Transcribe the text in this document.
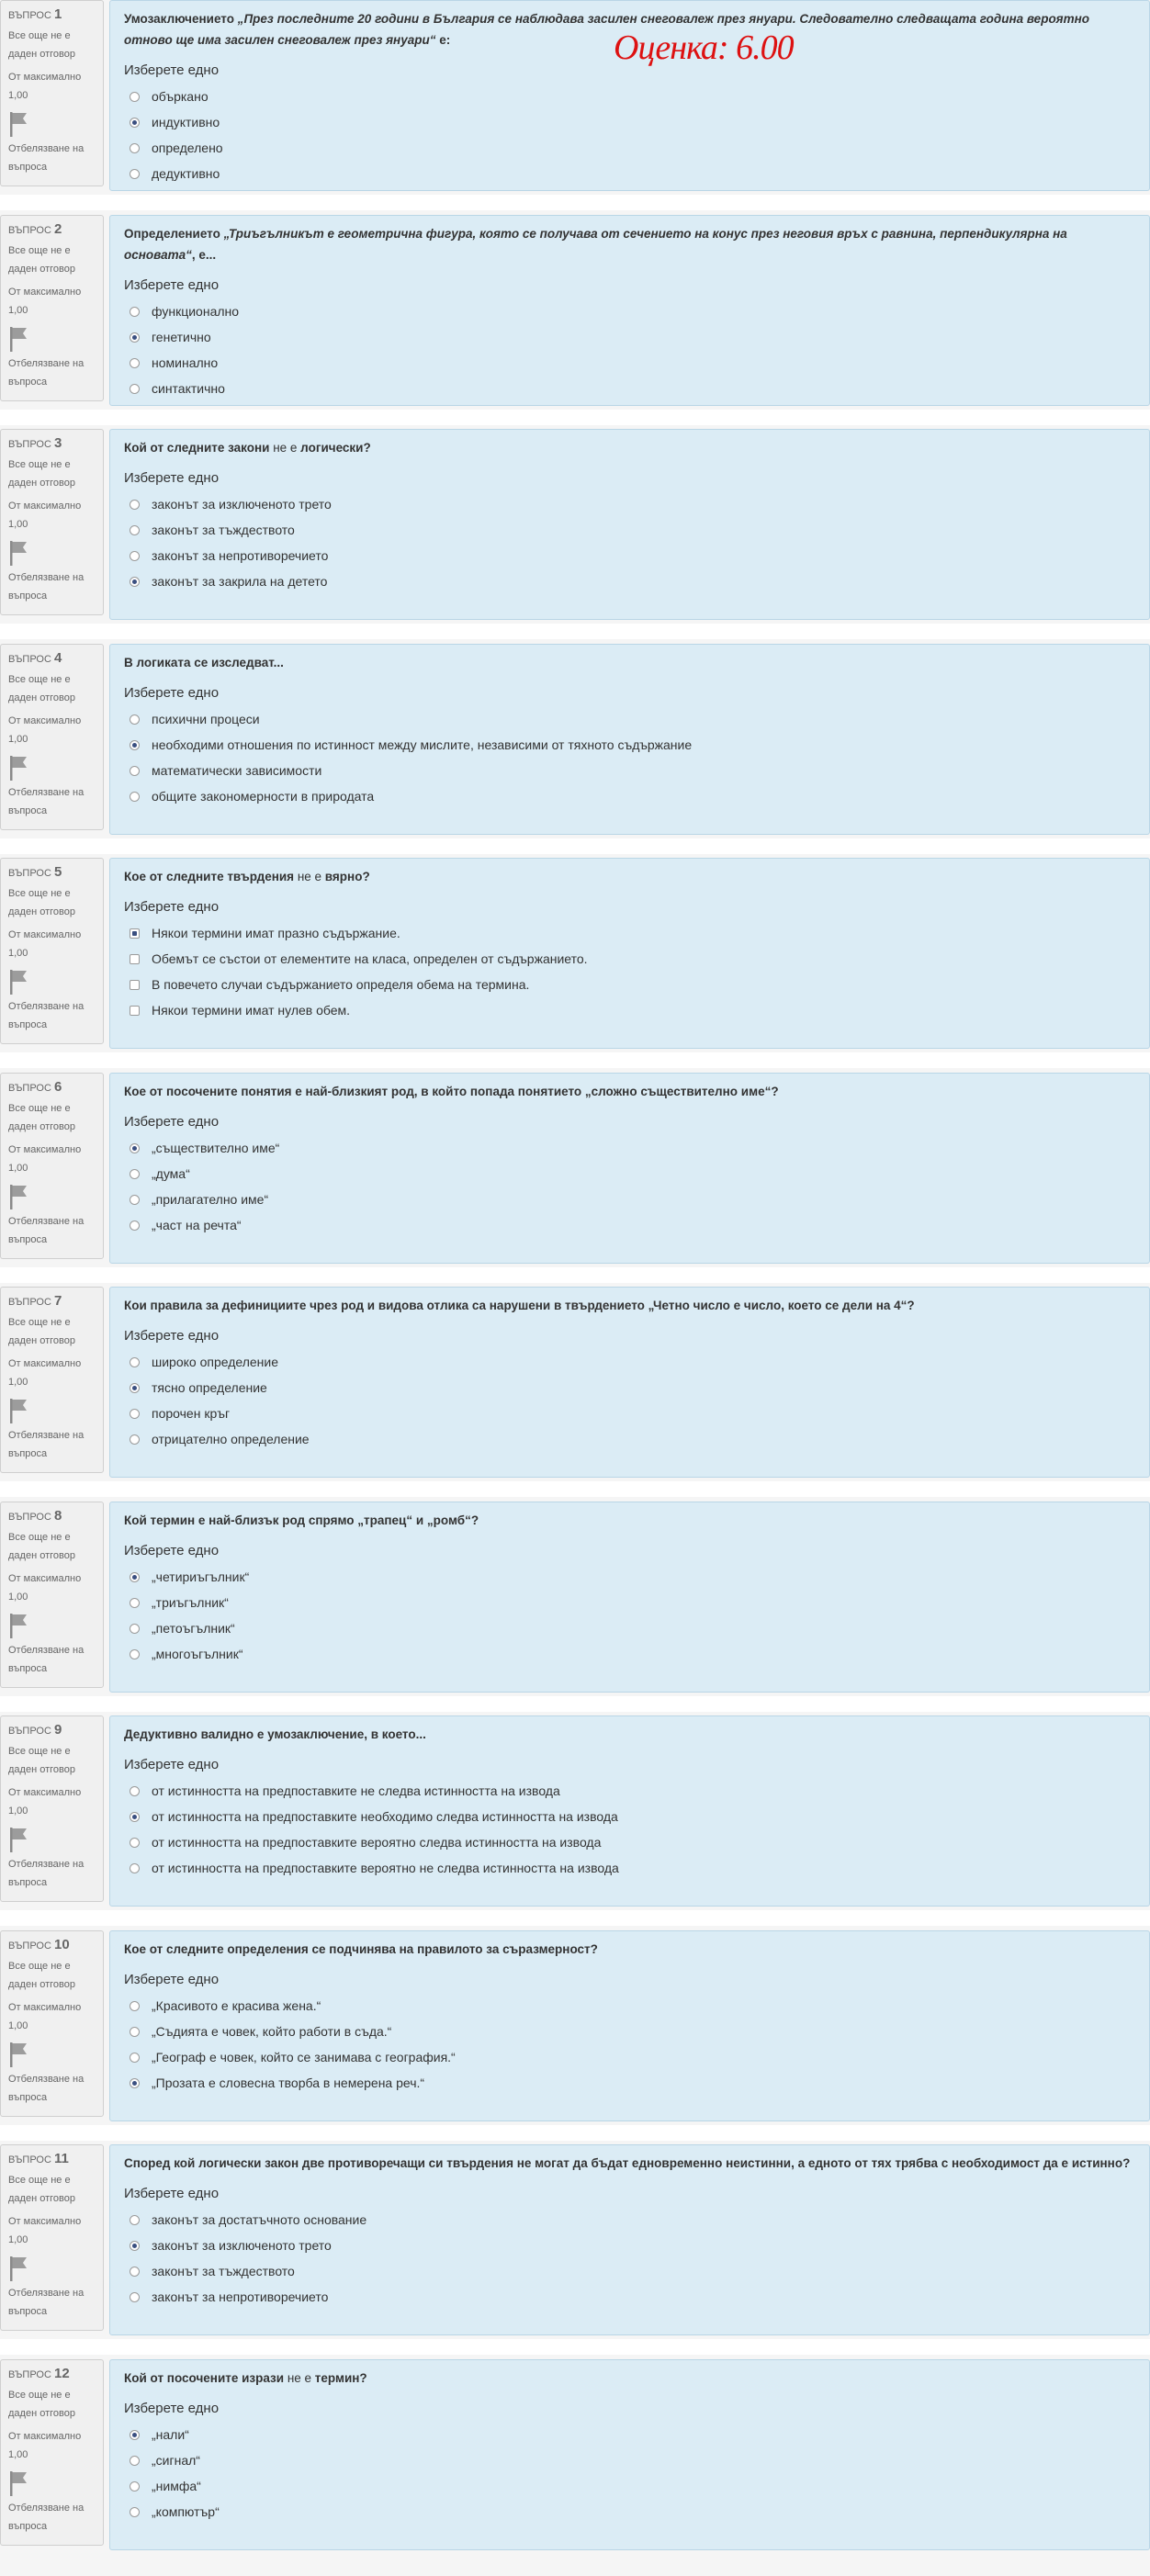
ВЪПРОС 1
Все още не е даден отговор
От максимално 1,00
Отбелязване на въпроса
Умозаключението „През последните 20 години в България се наблюдава засилен снеговалеж през януари. Следователно следващата година вероятно отново ще има засилен снеговалеж през януари“ е:
Изберете едно
объркано
индуктивно
определено
дедуктивно
ВЪПРОС 2
Все още не е даден отговор
От максимално 1,00
Отбелязване на въпроса
Определението „Триъгълникът е геометрична фигура, която се получава от сечението на конус през неговия връх с равнина, перпендикулярна на основата“, е...
Изберете едно
функционално
генетично
номинално
синтактично
ВЪПРОС 3
Все още не е даден отговор
От максимално 1,00
Отбелязване на въпроса
Кой от следните закони не е логически?
Изберете едно
законът за изключеното трето
законът за тъждеството
законът за непротиворечието
законът за закрила на детето
ВЪПРОС 4
Все още не е даден отговор
От максимално 1,00
Отбелязване на въпроса
В логиката се изследват...
Изберете едно
психични процеси
необходими отношения по истинност между мислите, независими от тяхното съдържание
математически зависимости
общите закономерности в природата
ВЪПРОС 5
Все още не е даден отговор
От максимално 1,00
Отбелязване на въпроса
Кое от следните твърдения не е вярно?
Изберете едно
Някои термини имат празно съдържание.
Обемът се състои от елементите на класа, определен от съдържанието.
В повечето случаи съдържанието определя обема на термина.
Някои термини имат нулев обем.
ВЪПРОС 6
Все още не е даден отговор
От максимално 1,00
Отбелязване на въпроса
Кое от посочените понятия е най-близкият род, в който попада понятието „сложно съществително име“?
Изберете едно
„съществително име“
„дума“
„прилагателно име“
„част на речта“
ВЪПРОС 7
Все още не е даден отговор
От максимално 1,00
Отбелязване на въпроса
Кои правила за дефинициите чрез род и видова отлика са нарушени в твърдението „Четно число е число, което се дели на 4“?
Изберете едно
широко определение
тясно определение
порочен кръг
отрицателно определение
ВЪПРОС 8
Все още не е даден отговор
От максимално 1,00
Отбелязване на въпроса
Кой термин е най-близък род спрямо „трапец“ и „ромб“?
Изберете едно
„четириъгълник“
„триъгълник“
„петоъгълник“
„многоъгълник“
ВЪПРОС 9
Все още не е даден отговор
От максимално 1,00
Отбелязване на въпроса
Дедуктивно валидно е умозаключение, в което...
Изберете едно
от истинността на предпоставките не следва истинността на извода
от истинността на предпоставките необходимо следва истинността на извода
от истинността на предпоставките вероятно следва истинността на извода
от истинността на предпоставките вероятно не следва истинността на извода
ВЪПРОС 10
Все още не е даден отговор
От максимално 1,00
Отбелязване на въпроса
Кое от следните определения се подчинява на правилото за съразмерност?
Изберете едно
„Красивото е красива жена.“
„Съдията е човек, който работи в съда.“
„Географ е човек, който се занимава с география.“
„Прозата е словесна творба в немерена реч.“
ВЪПРОС 11
Все още не е даден отговор
От максимално 1,00
Отбелязване на въпроса
Според кой логически закон две противоречащи си твърдения не могат да бъдат едновременно неистинни, а едното от тях трябва с необходимост да е истинно?
Изберете едно
законът за достатъчното основание
законът за изключеното трето
законът за тъждеството
законът за непротиворечието
ВЪПРОС 12
Все още не е даден отговор
От максимално 1,00
Отбелязване на въпроса
Кой от посочените изрази не е термин?
Изберете едно
„нали“
„сигнал“
„нимфа“
„компютър“
Оценка: 6.00
